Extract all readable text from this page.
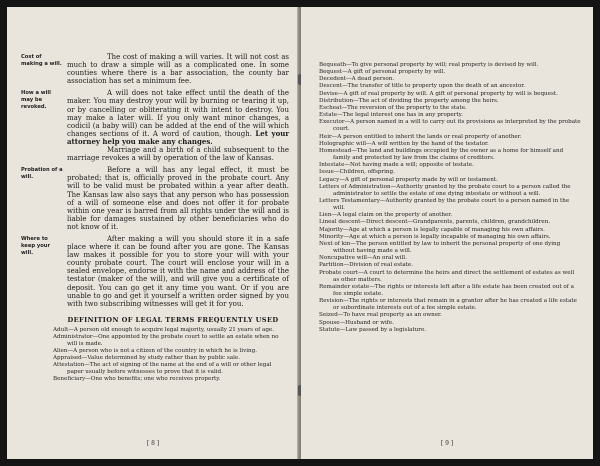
Cost of making a will.
The cost of making a will varies. It will not cost as much to draw a simple will as a complicated one. In some counties where there is a bar association, the county bar association has set a minimum fee.
How a will may be revoked.
A will does not take effect until the death of the maker. You may destroy your will by burning or tearing it up, or by cancelling or obliterating it with intent to destroy. You may make a later will. If you only want minor changes, a codicil (a baby will) can be added at the end of the will which changes sections of it. A word of caution, though. Let your attorney help you make any changes.
Marriage and a birth of a child subsequent to the marriage revokes a will by operation of the law of Kansas.
Probation of a will.
Before a will has any legal effect, it must be probated; that is, officially proved in the probate court. Any will to be valid must be probated within a year after death. The Kansas law also says that any person who has possession of a will of someone else and does not offer it for probate within one year is barred from all rights under the will and is liable for damages sustained by other beneficiaries who do not know of it.
Where to keep your will.
After making a will you should store it in a safe place where it can be found after you are gone. The Kansas law makes it possible for you to store your will with your county probate court. The court will enclose your will in a sealed envelope, endorse it with the name and address of the testator (maker of the will), and will give you a certificate of deposit. You can go get it any time you want. Or if you are unable to go and get it yourself a written order signed by you with two subscribing witnesses will get it for you.
DEFINITION OF LEGAL TERMS FREQUENTLY USED
Adult—A person old enough to acquire legal majority, usually 21 years of age.
Administrator—One appointed by the probate court to settle an estate when no will is made.
Alien—A person who is not a citizen of the country in which he is living.
Appraised—Value determined by study rather than by public sale.
Attestation—The act of signing of the name at the end of a will or other legal paper usually before witnesses to prove that it is valid.
Beneficiary—One who benefits; one who receives property.
[ 8 ]
Bequeath—To give personal property by will; real property is devised by will.
Bequest—A gift of personal property by will.
Decedent—A dead person.
Descent—The transfer of title to property upon the death of an ancestor.
Devise—A gift of real property by will. A gift of personal property by will is bequest.
Distribution—The act of dividing the property among the heirs.
Escheat—The reversion of the property to the state.
Estate—The legal interest one has in any property.
Executor—A person named in a will to carry out its provisions as interpreted by the probate court.
Heir—A person entitled to inherit the lands or real property of another.
Holographic will—A will written by the hand of the testator.
Homestead—The land and buildings occupied by the owner as a home for himself and family and protected by law from the claims of creditors.
Intestate—Not having made a will; opposite of testate.
Issue—Children, offspring.
Legacy—A gift of personal property made by will or testament.
Letters of Administration—Authority granted by the probate court to a person called the administrator to settle the estate of one dying intestate or without a will.
Letters Testamentary—Authority granted by the probate court to a person named in the will.
Lien—A legal claim on the property of another.
Lineal descent—Direct descent—Grandparents, parents, children, grandchildren.
Majority—Age at which a person is legally capable of managing his own affairs.
Minority—Age at which a person is legally incapable of managing his own affairs.
Next of kin—The person entitled by law to inherit the personal property of one dying without having made a will.
Noncupative will—An oral will.
Partition—Division of real estate.
Probate court—A court to determine the heirs and direct the settlement of estates as well as other matters.
Remainder estate—The rights or interests left after a life estate has been created out of a fee simple estate.
Revision—The rights or interests that remain in a grantor after he has created a life estate or subordinate interests out of a fee simple estate.
Seized—To have real property as an owner.
Spouse—Husband or wife.
Statute—Law passed by a legislature.
[ 9 ]
